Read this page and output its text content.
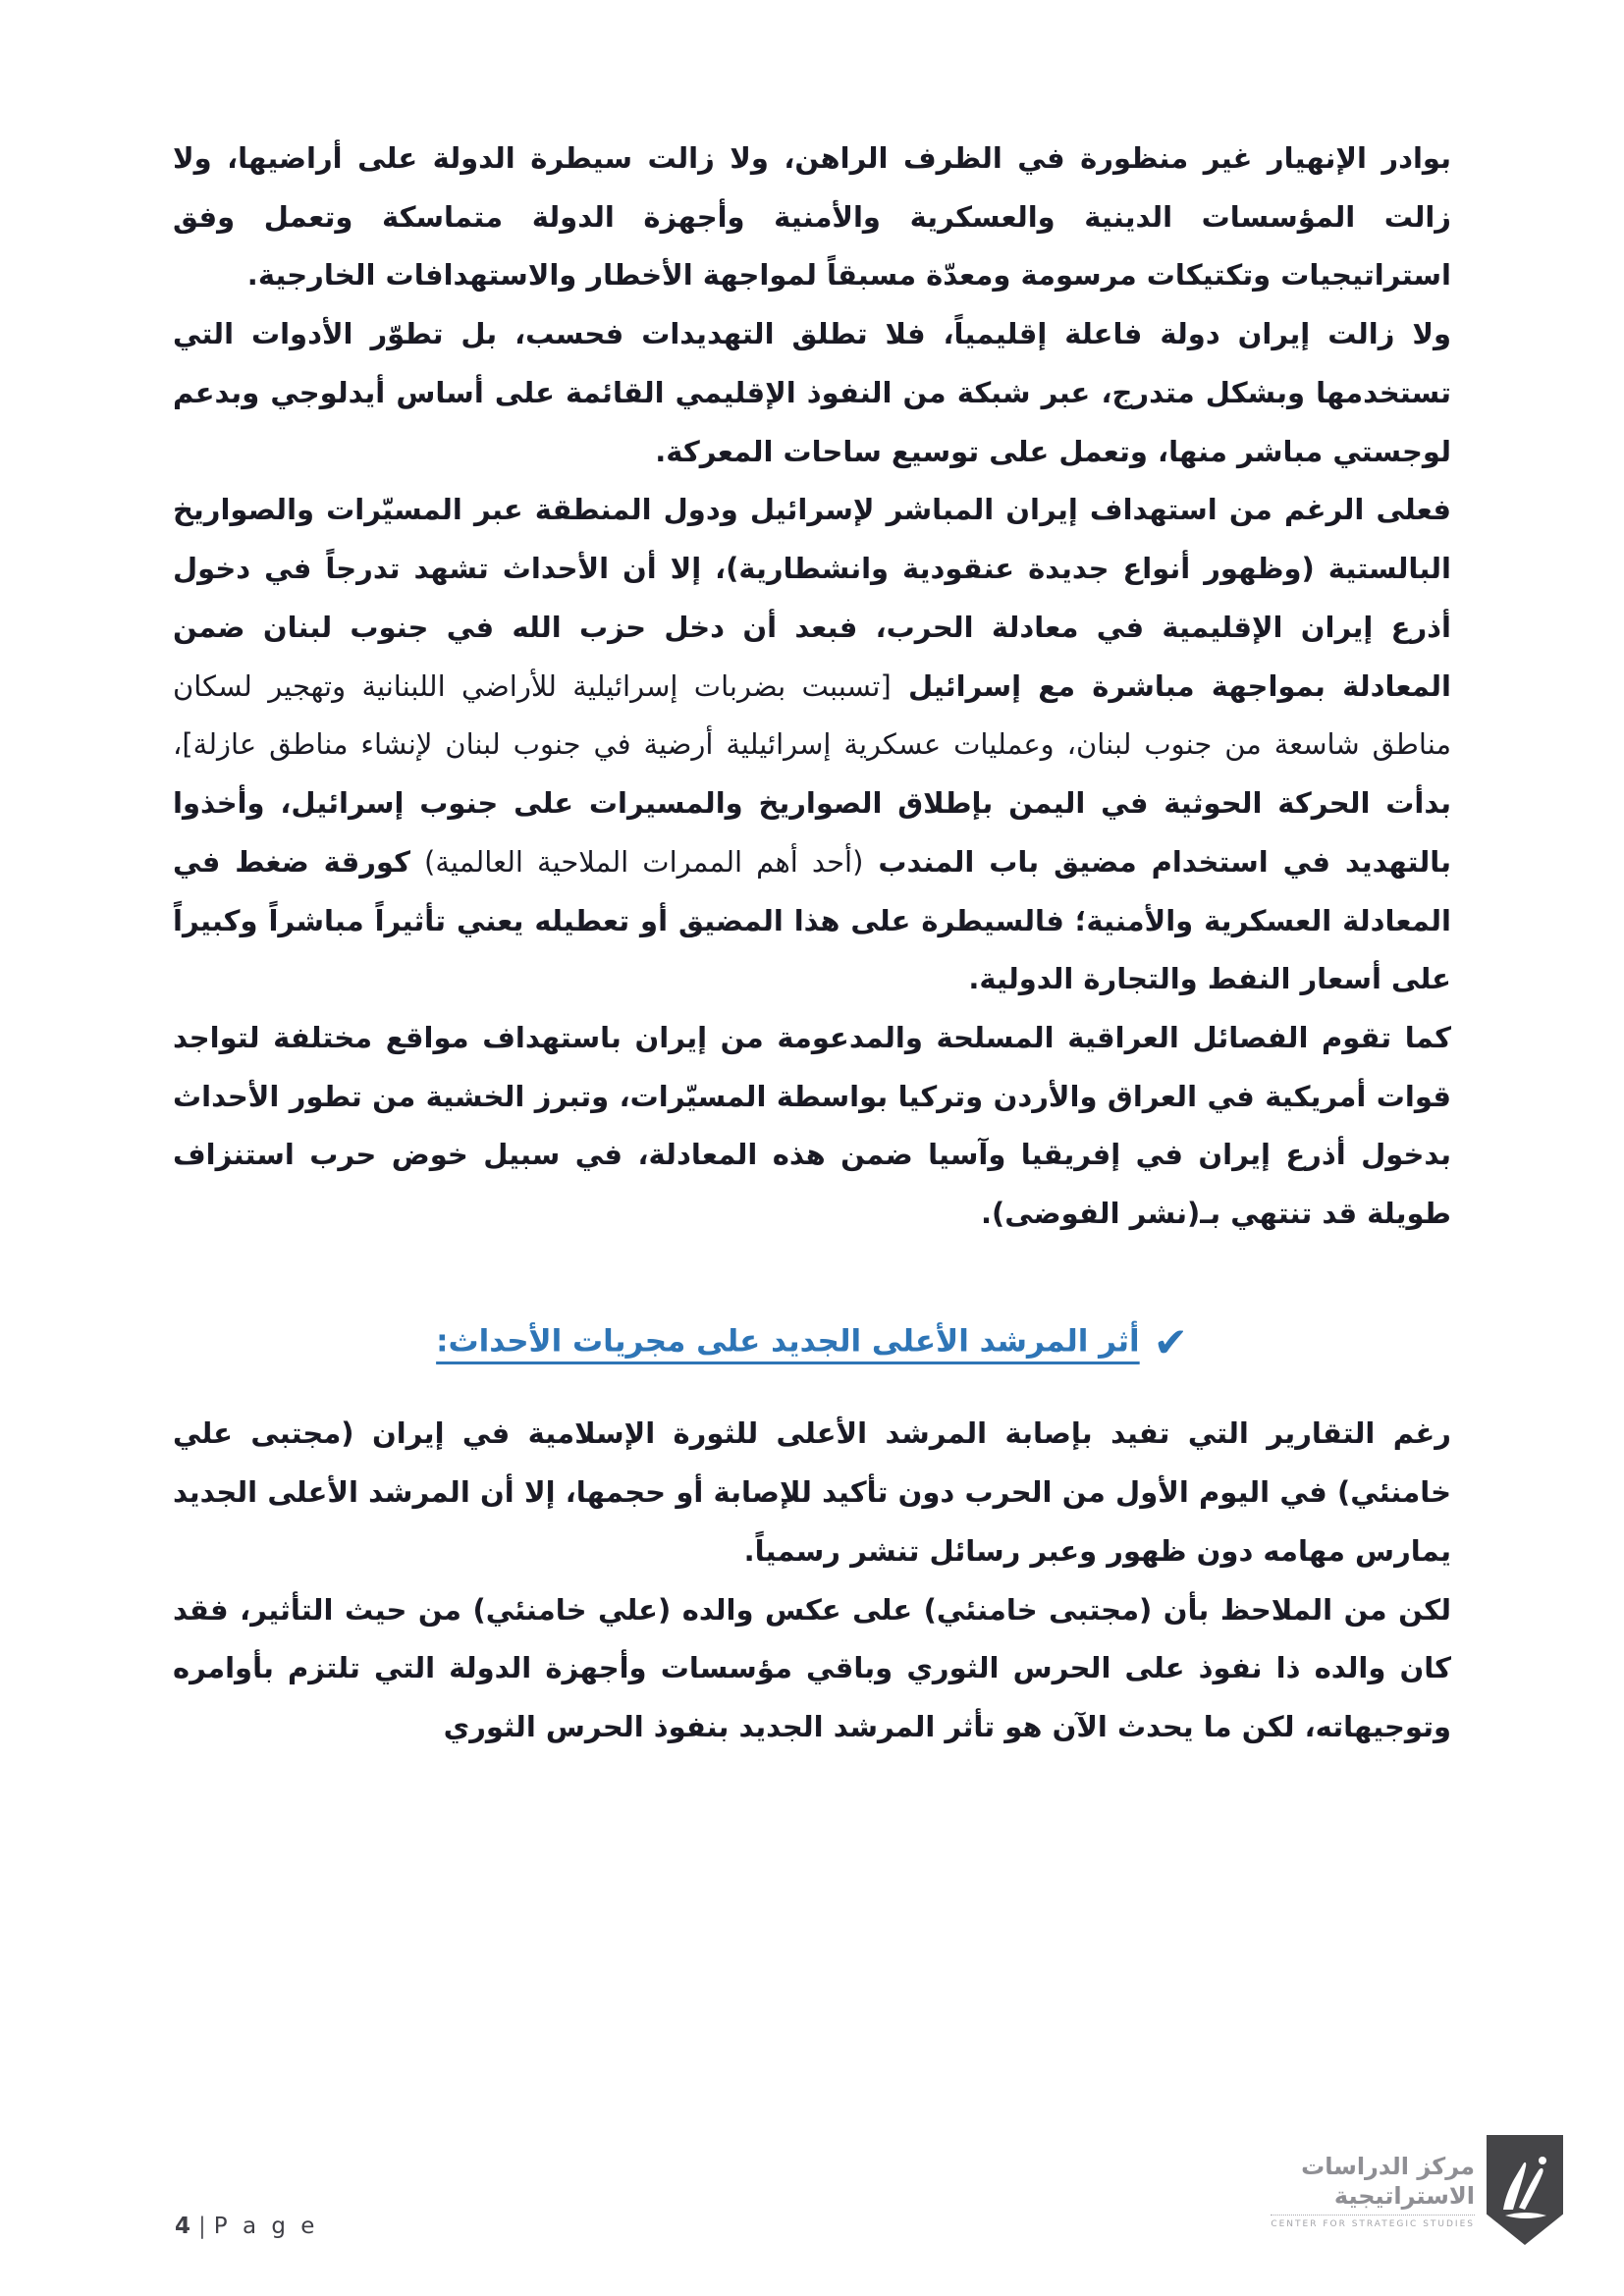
بوادر الإنهيار غير منظورة في الظرف الراهن، ولا زالت سيطرة الدولة على أراضيها، ولا زالت المؤسسات الدينية والعسكرية والأمنية وأجهزة الدولة متماسكة وتعمل وفق استراتيجيات وتكتيكات مرسومة ومعدّة مسبقاً لمواجهة الأخطار والاستهدافات الخارجية.

ولا زالت إيران دولة فاعلة إقليمياً، فلا تطلق التهديدات فحسب، بل تطوّر الأدوات التي تستخدمها وبشكل متدرج، عبر شبكة من النفوذ الإقليمي القائمة على أساس أيدلوجي وبدعم لوجستي مباشر منها، وتعمل على توسيع ساحات المعركة.

فعلى الرغم من استهداف إيران المباشر لإسرائيل ودول المنطقة عبر المسيّرات والصواريخ البالستية (وظهور أنواع جديدة عنقودية وانشطارية)، إلا أن الأحداث تشهد تدرجاً في دخول أذرع إيران الإقليمية في معادلة الحرب، فبعد أن دخل حزب الله في جنوب لبنان ضمن المعادلة بمواجهة مباشرة مع إسرائيل [تسببت بضربات إسرائيلية للأراضي اللبنانية وتهجير لسكان مناطق شاسعة من جنوب لبنان، وعمليات عسكرية إسرائيلية أرضية في جنوب لبنان لإنشاء مناطق عازلة]، بدأت الحركة الحوثية في اليمن بإطلاق الصواريخ والمسيرات على جنوب إسرائيل، وأخذوا بالتهديد في استخدام مضيق باب المندب (أحد أهم الممرات الملاحية العالمية) كورقة ضغط في المعادلة العسكرية والأمنية؛ فالسيطرة على هذا المضيق أو تعطيله يعني تأثيراً مباشراً وكبيراً على أسعار النفط والتجارة الدولية.

كما تقوم الفصائل العراقية المسلحة والمدعومة من إيران باستهداف مواقع مختلفة لتواجد قوات أمريكية في العراق والأردن وتركيا بواسطة المسيّرات، وتبرز الخشية من تطور الأحداث بدخول أذرع إيران في إفريقيا وآسيا ضمن هذه المعادلة، في سبيل خوض حرب استنزاف طويلة قد تنتهي بـ(نشر الفوضى).

✔أثر المرشد الأعلى الجديد على مجريات الأحداث:

رغم التقارير التي تفيد بإصابة المرشد الأعلى للثورة الإسلامية في إيران (مجتبى علي خامنئي) في اليوم الأول من الحرب دون تأكيد للإصابة أو حجمها، إلا أن المرشد الأعلى الجديد يمارس مهامه دون ظهور وعبر رسائل تنشر رسمياً.

لكن من الملاحظ بأن (مجتبى خامنئي) على عكس والده (علي خامنئي) من حيث التأثير، فقد كان والده ذا نفوذ على الحرس الثوري وباقي مؤسسات وأجهزة الدولة التي تلتزم بأوامره وتوجيهاته، لكن ما يحدث الآن هو تأثر المرشد الجديد بنفوذ الحرس الثوري

4 | P a g e
مركز الدراسات
الاستراتيجية
CENTER FOR STRATEGIC STUDIES
